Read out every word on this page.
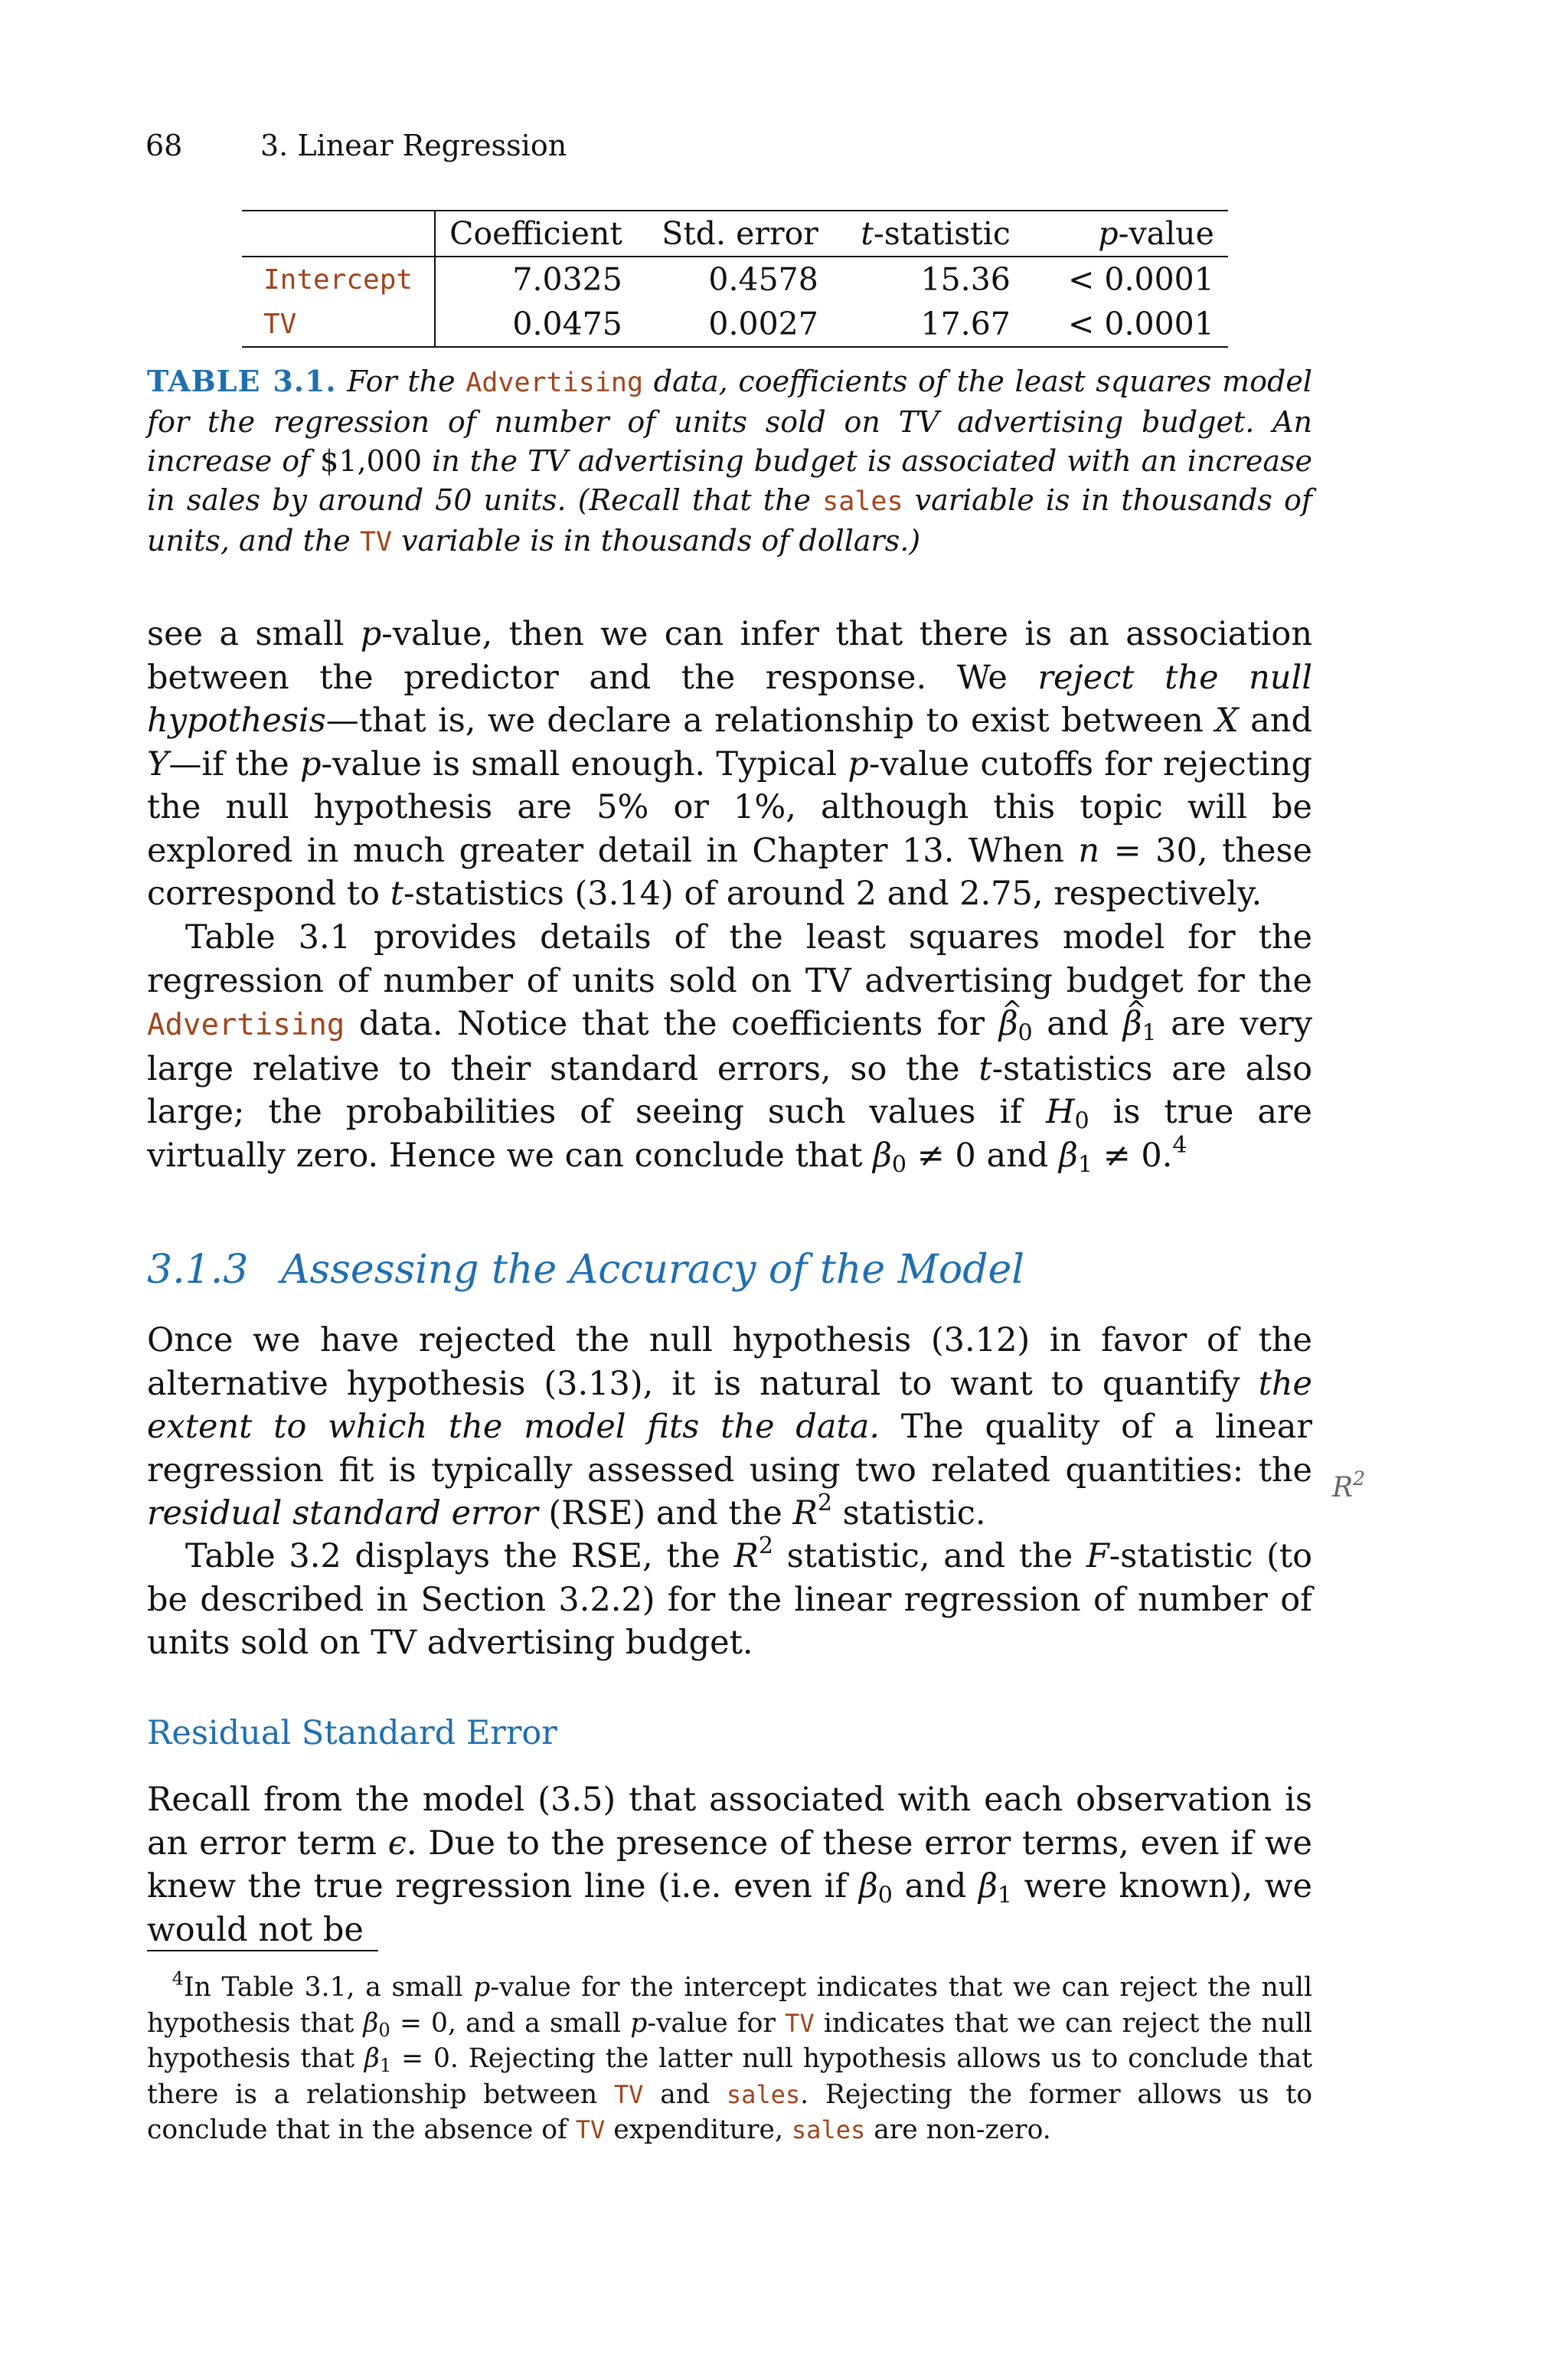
68	3. Linear Regression
	Coefficient	Std. error	t-statistic	p-value
Intercept	7.0325	0.4578	15.36	< 0.0001
TV	0.0475	0.0027	17.67	< 0.0001
TABLE 3.1. For the Advertising data, coefficients of the least squares model for the regression of number of units sold on TV advertising budget. An increase of $1,000 in the TV advertising budget is associated with an increase in sales by around 50 units. (Recall that the sales variable is in thousands of units, and the TV variable is in thousands of dollars.)

see a small p-value, then we can infer that there is an association between the predictor and the response. We reject the null hypothesis—that is, we declare a relationship to exist between X and Y—if the p-value is small enough. Typical p-value cutoffs for rejecting the null hypothesis are 5% or 1%, although this topic will be explored in much greater detail in Chapter 13. When n = 30, these correspond to t-statistics (3.14) of around 2 and 2.75, respectively.

Table 3.1 provides details of the least squares model for the regression of number of units sold on TV advertising budget for the Advertising data. Notice that the coefficients for ^ $\beta_0$ and ^ $\beta_1$ are very large relative to their standard errors, so the t-statistics are also large; the probabilities of seeing such values if $H_0$ is true are virtually zero. Hence we can conclude that $\beta_0 \ne 0$ and $\beta_1 \ne 0.^4$

3.1.3 Assessing the Accuracy of the Model

Once we have rejected the null hypothesis (3.12) in favor of the alternative hypothesis (3.13), it is natural to want to quantify the extent to which the model fits the data. The quality of a linear regression fit is typically assessed using two related quantities: the residual standard error (RSE) and the $R^2$ statistic.

$R^2$

Table 3.2 displays the RSE, the $R^2$ statistic, and the F-statistic (to be described in Section 3.2.2) for the linear regression of number of units sold on TV advertising budget.

Residual Standard Error

Recall from the model (3.5) that associated with each observation is an error term ϵ. Due to the presence of these error terms, even if we knew the true regression line (i.e. even if $\beta_0$ and $\beta_1$ were known), we would not be

$^4$In Table 3.1, a small p-value for the intercept indicates that we can reject the null hypothesis that $\beta_0 = 0$, and a small p-value for TV indicates that we can reject the null hypothesis that $\beta_1 = 0$. Rejecting the latter null hypothesis allows us to conclude that there is a relationship between TV and sales. Rejecting the former allows us to conclude that in the absence of TV expenditure, sales are non-zero.
